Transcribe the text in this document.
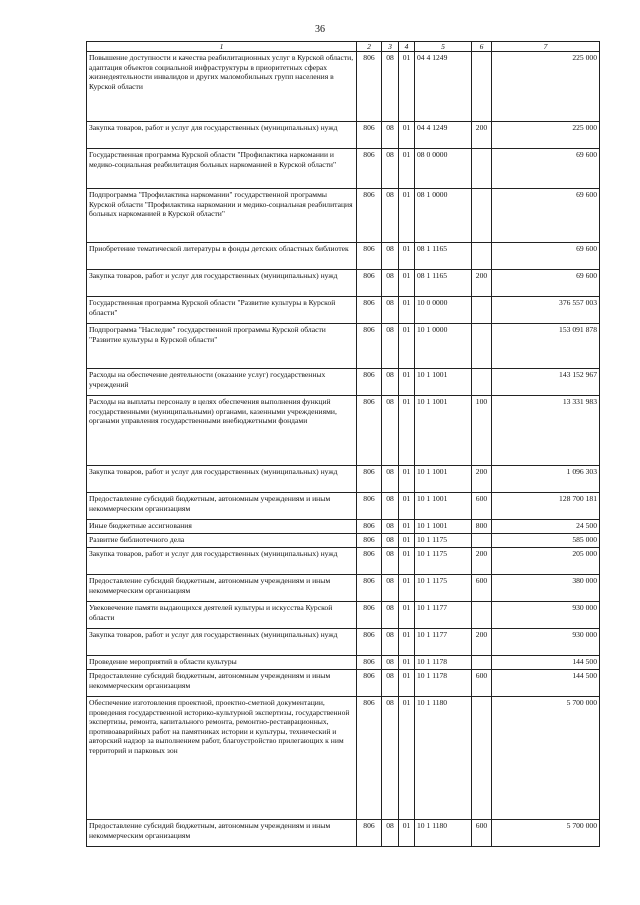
36
1	2	3	4	5	6	7
Повышение доступности и качества реабилитационных услуг в Курской области, адаптация объектов социальной инфраструктуры в приоритетных сферах жизнедеятельности инвалидов и других маломобильных групп населения в Курской области	806	08	01	04 4 1249		225 000
Закупка товаров, работ и услуг для государственных (муниципальных) нужд	806	08	01	04 4 1249	200	225 000
Государственная программа Курской области "Профилактика наркомании и медико-социальная реабилитация больных наркоманией в Курской области"	806	08	01	08 0 0000		69 600
Подпрограмма "Профилактика наркомании" государственной программы Курской области "Профилактика наркомании и медико-социальная реабилитация больных наркоманией в Курской области"	806	08	01	08 1 0000		69 600
Приобретение тематической литературы в фонды детских областных библиотек	806	08	01	08 1 1165		69 600
Закупка товаров, работ и услуг для государственных (муниципальных) нужд	806	08	01	08 1 1165	200	69 600
Государственная программа Курской области "Развитие культуры в Курской области"	806	08	01	10 0 0000		376 557 003
Подпрограмма "Наследие" государственной программы Курской области "Развитие культуры в Курской области"	806	08	01	10 1 0000		153 091 878
Расходы на обеспечение деятельности (оказание услуг) государственных учреждений	806	08	01	10 1 1001		143 152 967
Расходы на выплаты персоналу в целях обеспечения выполнения функций государственными (муниципальными) органами, казенными учреждениями, органами управления государственными внебюджетными фондами	806	08	01	10 1 1001	100	13 331 983
Закупка товаров, работ и услуг для государственных (муниципальных) нужд	806	08	01	10 1 1001	200	1 096 303
Предоставление субсидий бюджетным, автономным учреждениям и иным некоммерческим организациям	806	08	01	10 1 1001	600	128 700 181
Иные бюджетные ассигнования	806	08	01	10 1 1001	800	24 500
Развитие библиотечного дела	806	08	01	10 1 1175		585 000
Закупка товаров, работ и услуг для государственных (муниципальных) нужд	806	08	01	10 1 1175	200	205 000
Предоставление субсидий бюджетным, автономным учреждениям и иным некоммерческим организациям	806	08	01	10 1 1175	600	380 000
Увековечение памяти выдающихся деятелей культуры и искусства Курской области	806	08	01	10 1 1177		930 000
Закупка товаров, работ и услуг для государственных (муниципальных) нужд	806	08	01	10 1 1177	200	930 000
Проведение мероприятий в области культуры	806	08	01	10 1 1178		144 500
Предоставление субсидий бюджетным, автономным учреждениям и иным некоммерческим организациям	806	08	01	10 1 1178	600	144 500
Обеспечение изготовления проектной, проектно-сметной документации, проведения государственной историко-культурной экспертизы, государственной экспертизы, ремонта, капитального ремонта, ремонтно-реставрационных, противоаварийных работ на памятниках истории и культуры, технический и авторский надзор за выполнением работ, благоустройство прилегающих к ним территорий и парковых зон	806	08	01	10 1 1180		5 700 000
Предоставление субсидий бюджетным, автономным учреждениям и иным некоммерческим организациям	806	08	01	10 1 1180	600	5 700 000
